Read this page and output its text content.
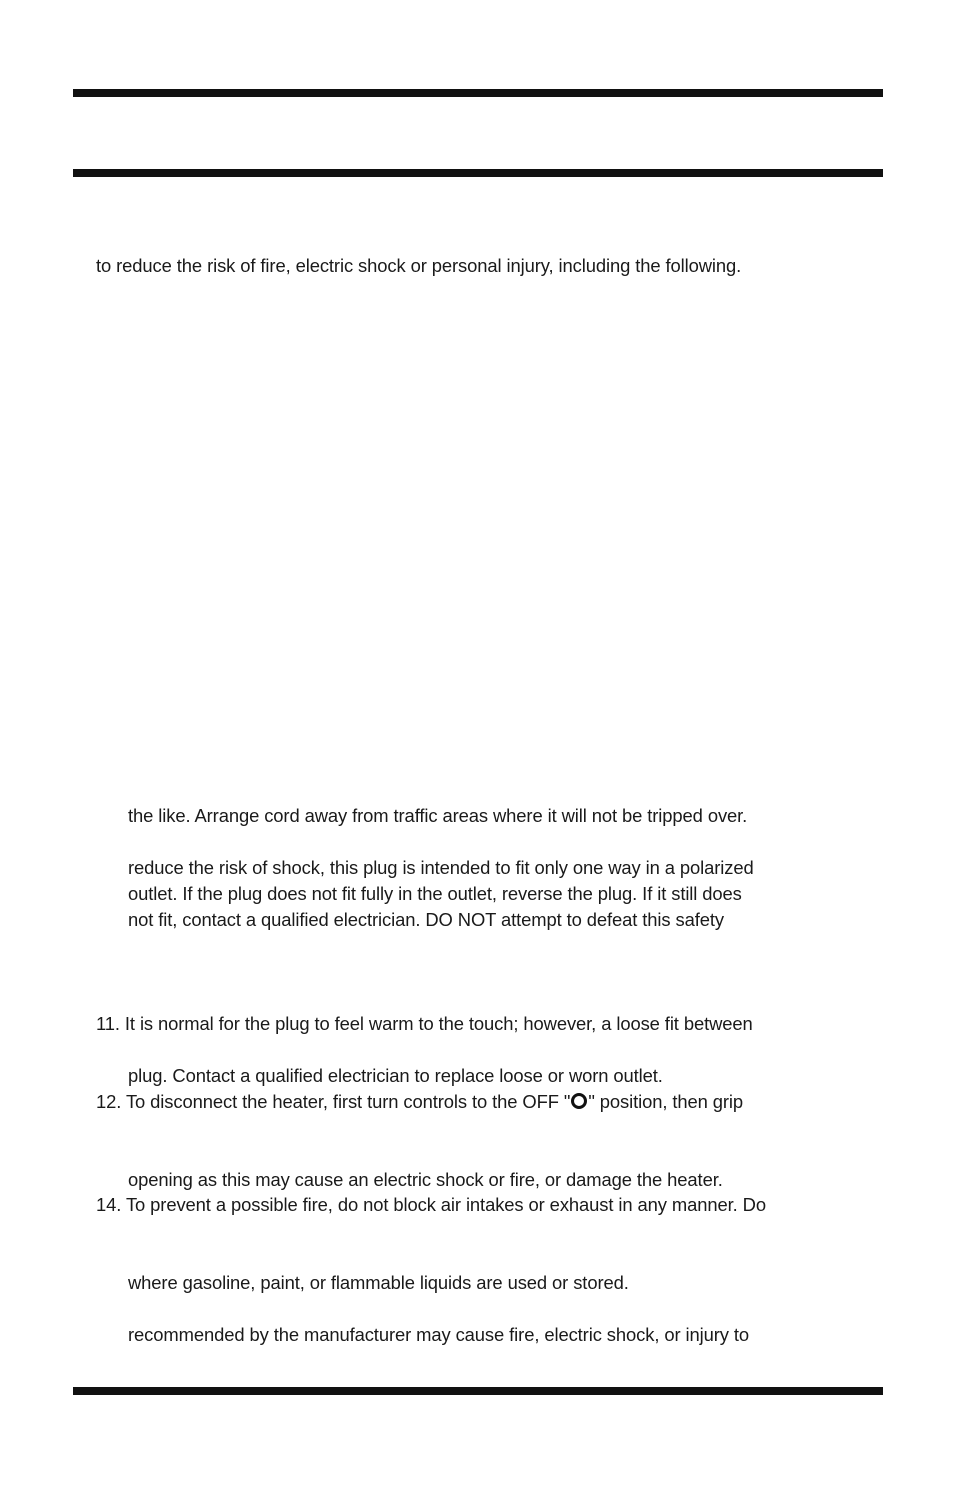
to reduce the risk of fire, electric shock or personal injury, including the following.
the like. Arrange cord away from traffic areas where it will not be tripped over.
reduce the risk of shock, this plug is intended to fit only one way in a polarized
outlet. If the plug does not fit fully in the outlet, reverse the plug. If it still does
not fit, contact a qualified electrician. DO NOT attempt to defeat this safety
11. It is normal for the plug to feel warm to the touch; however, a loose fit between
plug. Contact a qualified electrician to replace loose or worn outlet.
12. To disconnect the heater, first turn controls to the OFF " " position, then grip
opening as this may cause an electric shock or fire, or damage the heater.
14. To prevent a possible fire, do not block air intakes or exhaust in any manner. Do
where gasoline, paint, or flammable liquids are used or stored.
recommended by the manufacturer may cause fire, electric shock, or injury to
